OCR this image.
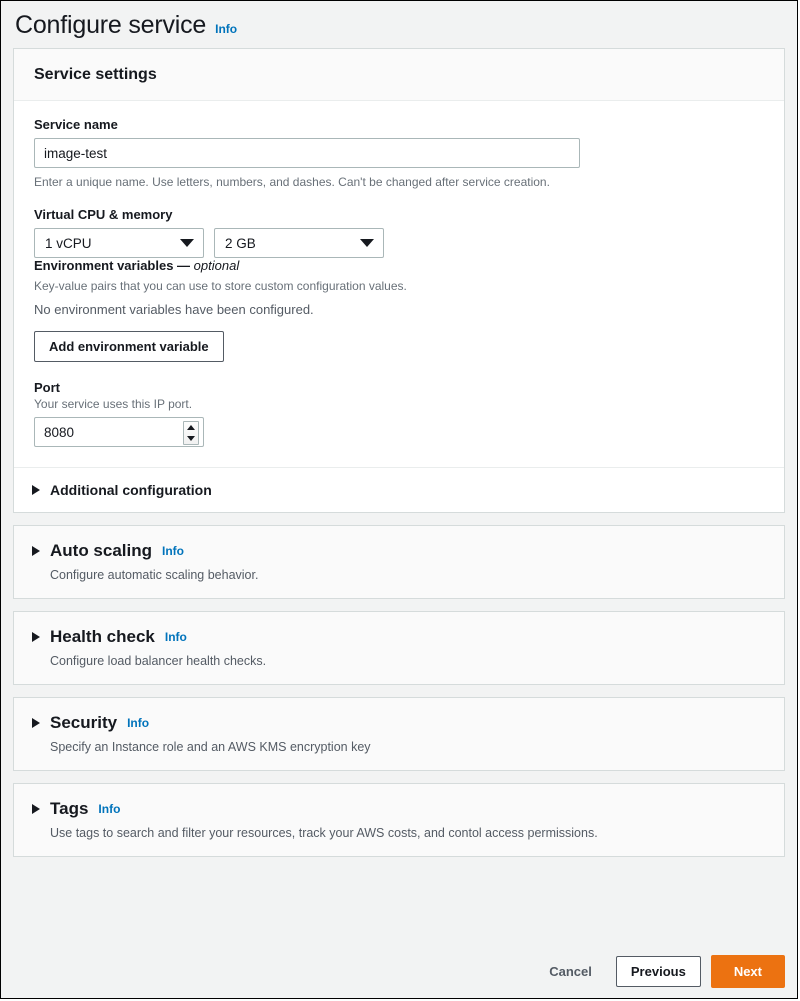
Configure service Info
Service settings

Service name

image-test

Enter a unique name. Use letters, numbers, and dashes. Can't be changed after service creation.

Virtual CPU & memory

1 vCPU	2 GB

Environment variables — optional

Key-value pairs that you can use to store custom configuration values.

No environment variables have been configured.

Add environment variable

Port

Your service uses this IP port.

8080
Additional configuration
Auto scaling Info
Configure automatic scaling behavior.
Health check Info
Configure load balancer health checks.
Security Info
Specify an Instance role and an AWS KMS encryption key
Tags Info
Use tags to search and filter your resources, track your AWS costs, and contol access permissions.
Cancel	Previous	Next
